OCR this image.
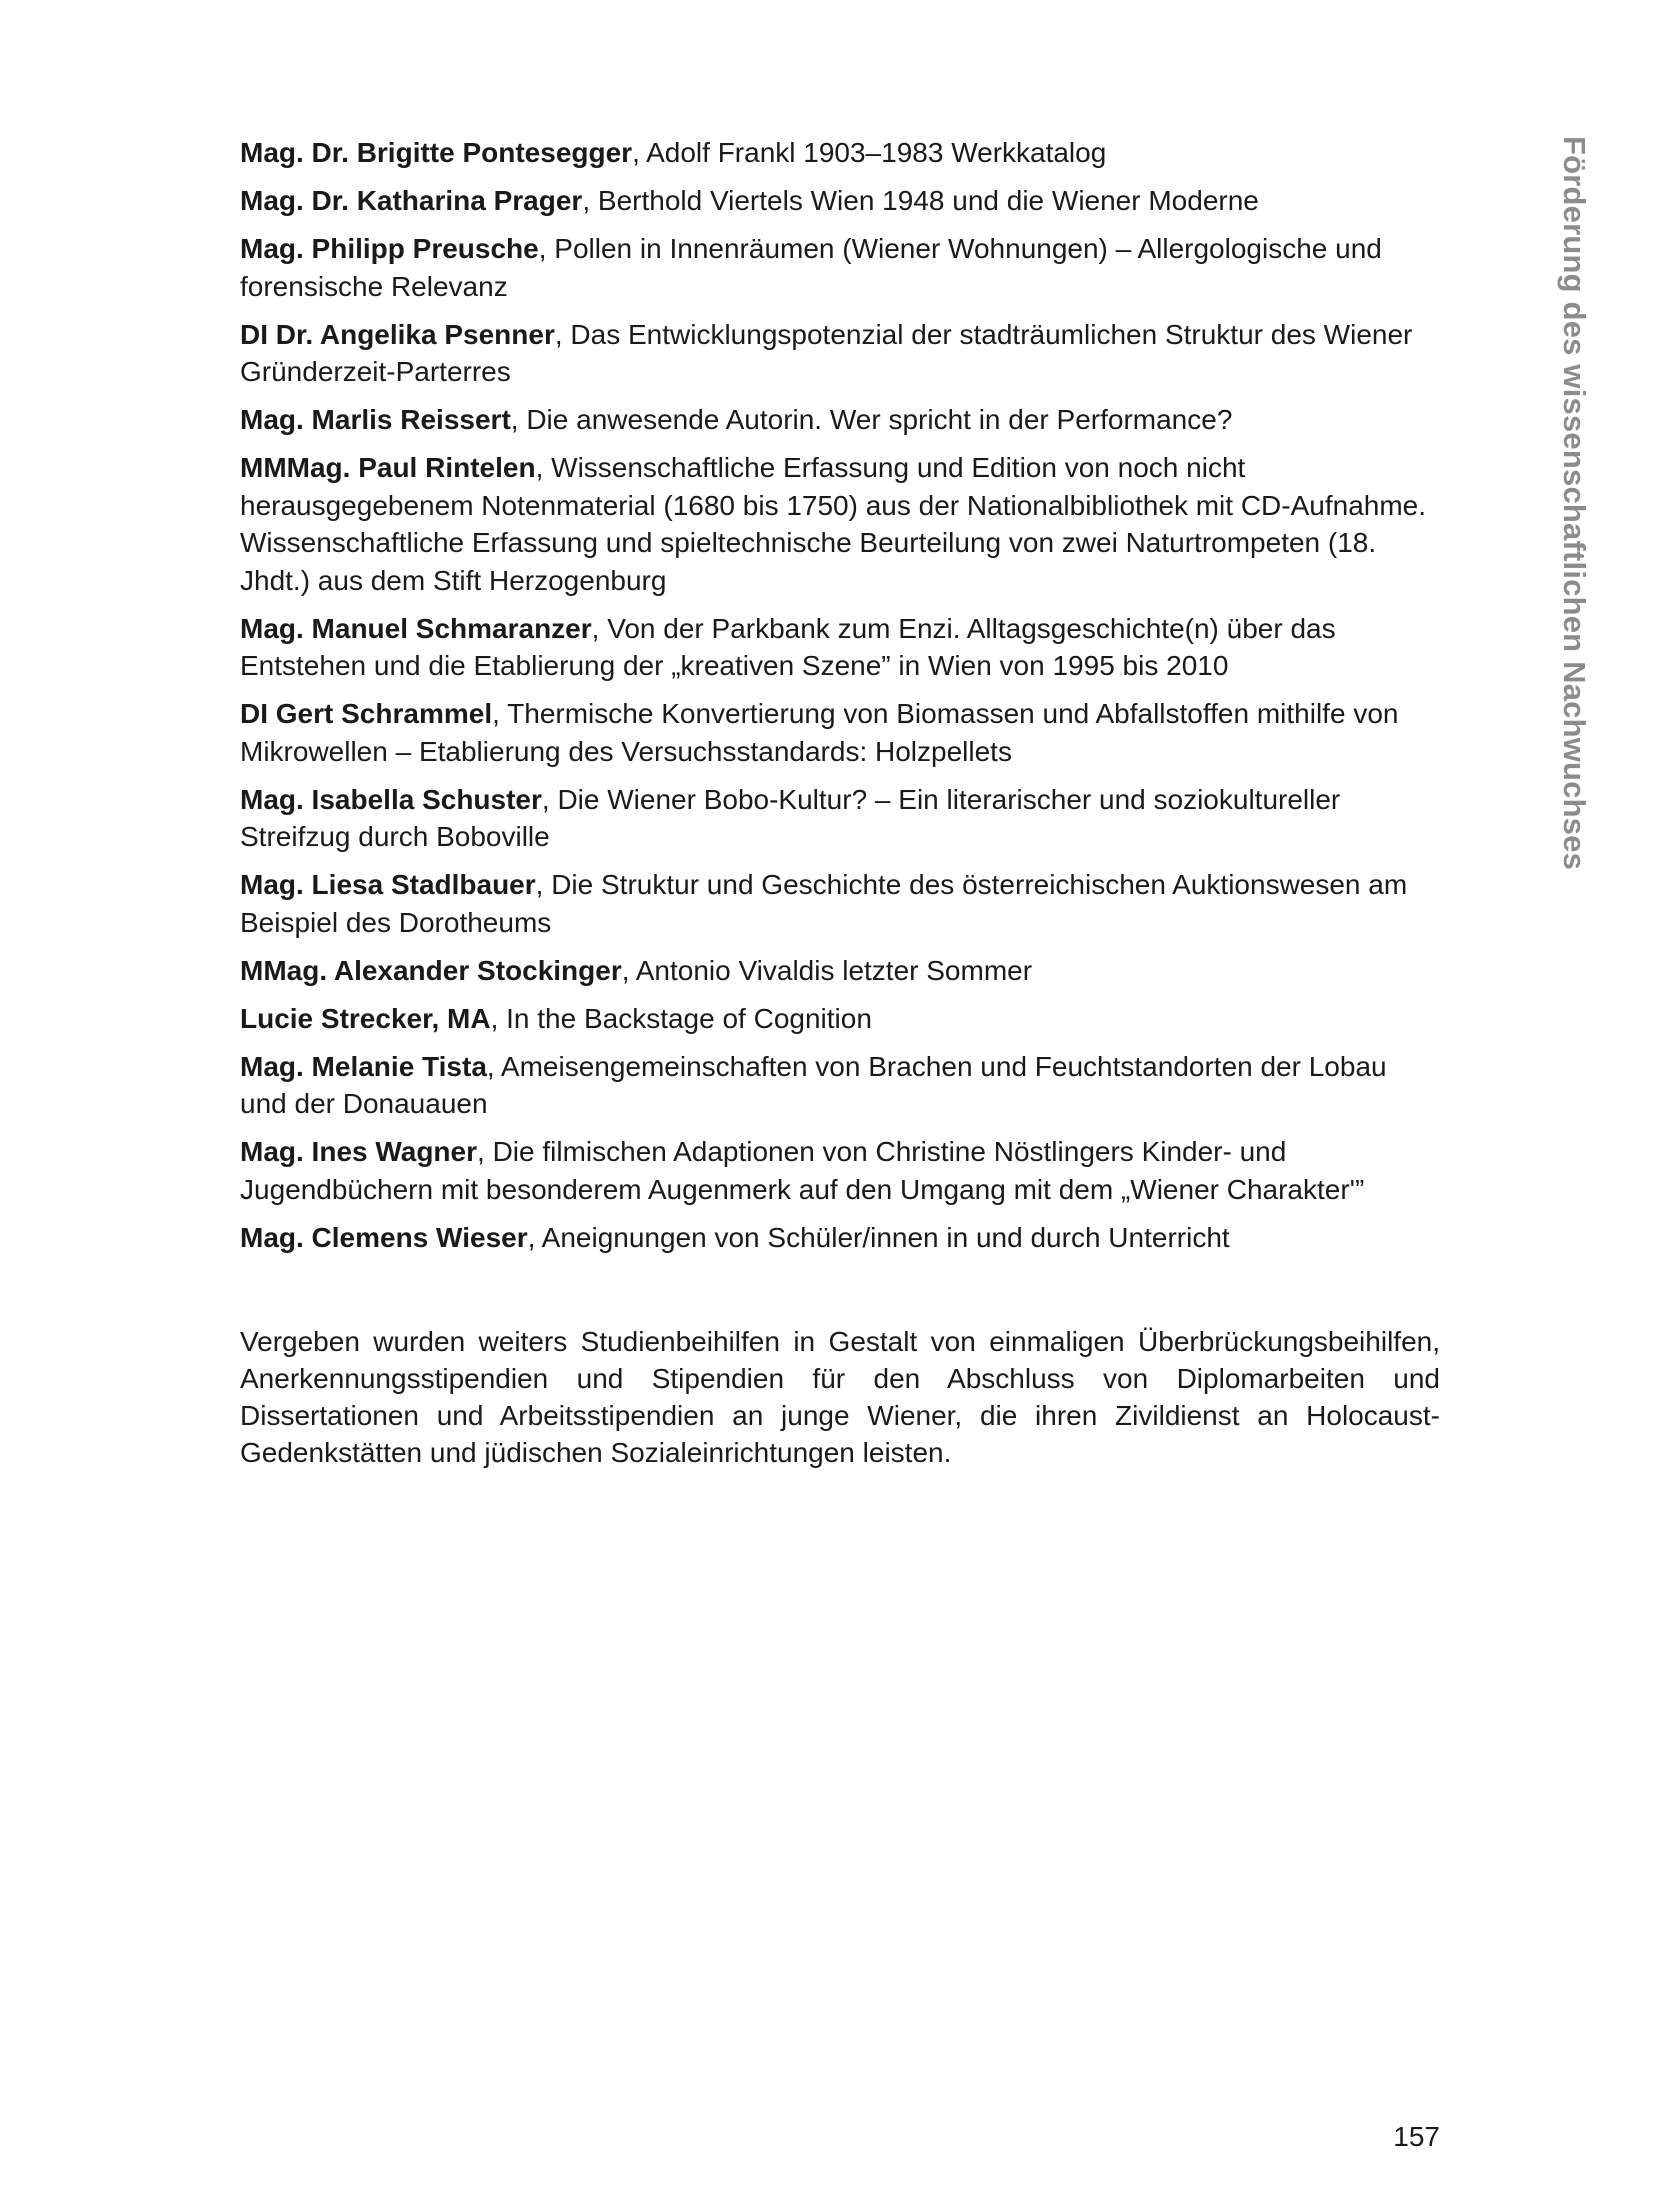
Förderung des wissenschaftlichen Nachwuchses
Mag. Dr. Brigitte Pontesegger, Adolf Frankl 1903–1983 Werkkatalog
Mag. Dr. Katharina Prager, Berthold Viertels Wien 1948 und die Wiener Moderne
Mag. Philipp Preusche, Pollen in Innenräumen (Wiener Wohnungen) – Allergologische und forensische Relevanz
DI Dr. Angelika Psenner, Das Entwicklungspotenzial der stadträumlichen Struktur des Wiener Gründerzeit-Parterres
Mag. Marlis Reissert, Die anwesende Autorin. Wer spricht in der Performance?
MMMag. Paul Rintelen, Wissenschaftliche Erfassung und Edition von noch nicht herausgegebenem Notenmaterial (1680 bis 1750) aus der Nationalbibliothek mit CD-Aufnahme. Wissenschaftliche Erfassung und spieltechnische Beurteilung von zwei Naturtrompeten (18. Jhdt.) aus dem Stift Herzogenburg
Mag. Manuel Schmaranzer, Von der Parkbank zum Enzi. Alltagsgeschichte(n) über das Entstehen und die Etablierung der „kreativen Szene” in Wien von 1995 bis 2010
DI Gert Schrammel, Thermische Konvertierung von Biomassen und Abfallstoffen mithilfe von Mikrowellen – Etablierung des Versuchsstandards: Holzpellets
Mag. Isabella Schuster, Die Wiener Bobo-Kultur? – Ein literarischer und soziokultureller Streifzug durch Boboville
Mag. Liesa Stadlbauer, Die Struktur und Geschichte des österreichischen Auktionswesen am Beispiel des Dorotheums
MMag. Alexander Stockinger, Antonio Vivaldis letzter Sommer
Lucie Strecker, MA, In the Backstage of Cognition
Mag. Melanie Tista, Ameisengemeinschaften von Brachen und Feuchtstandorten der Lobau und der Donauauen
Mag. Ines Wagner, Die filmischen Adaptionen von Christine Nöstlingers Kinder- und Jugendbüchern mit besonderem Augenmerk auf den Umgang mit dem „Wiener Charakter'”
Mag. Clemens Wieser, Aneignungen von Schüler/innen in und durch Unterricht

Vergeben wurden weiters Studienbeihilfen in Gestalt von einmaligen Überbrückungsbeihilfen, Anerkennungsstipendien und Stipendien für den Abschluss von Diplomarbeiten und Dissertationen und Arbeitsstipendien an junge Wiener, die ihren Zivildienst an Holocaust-Gedenkstätten und jüdischen Sozialeinrichtungen leisten.

157
